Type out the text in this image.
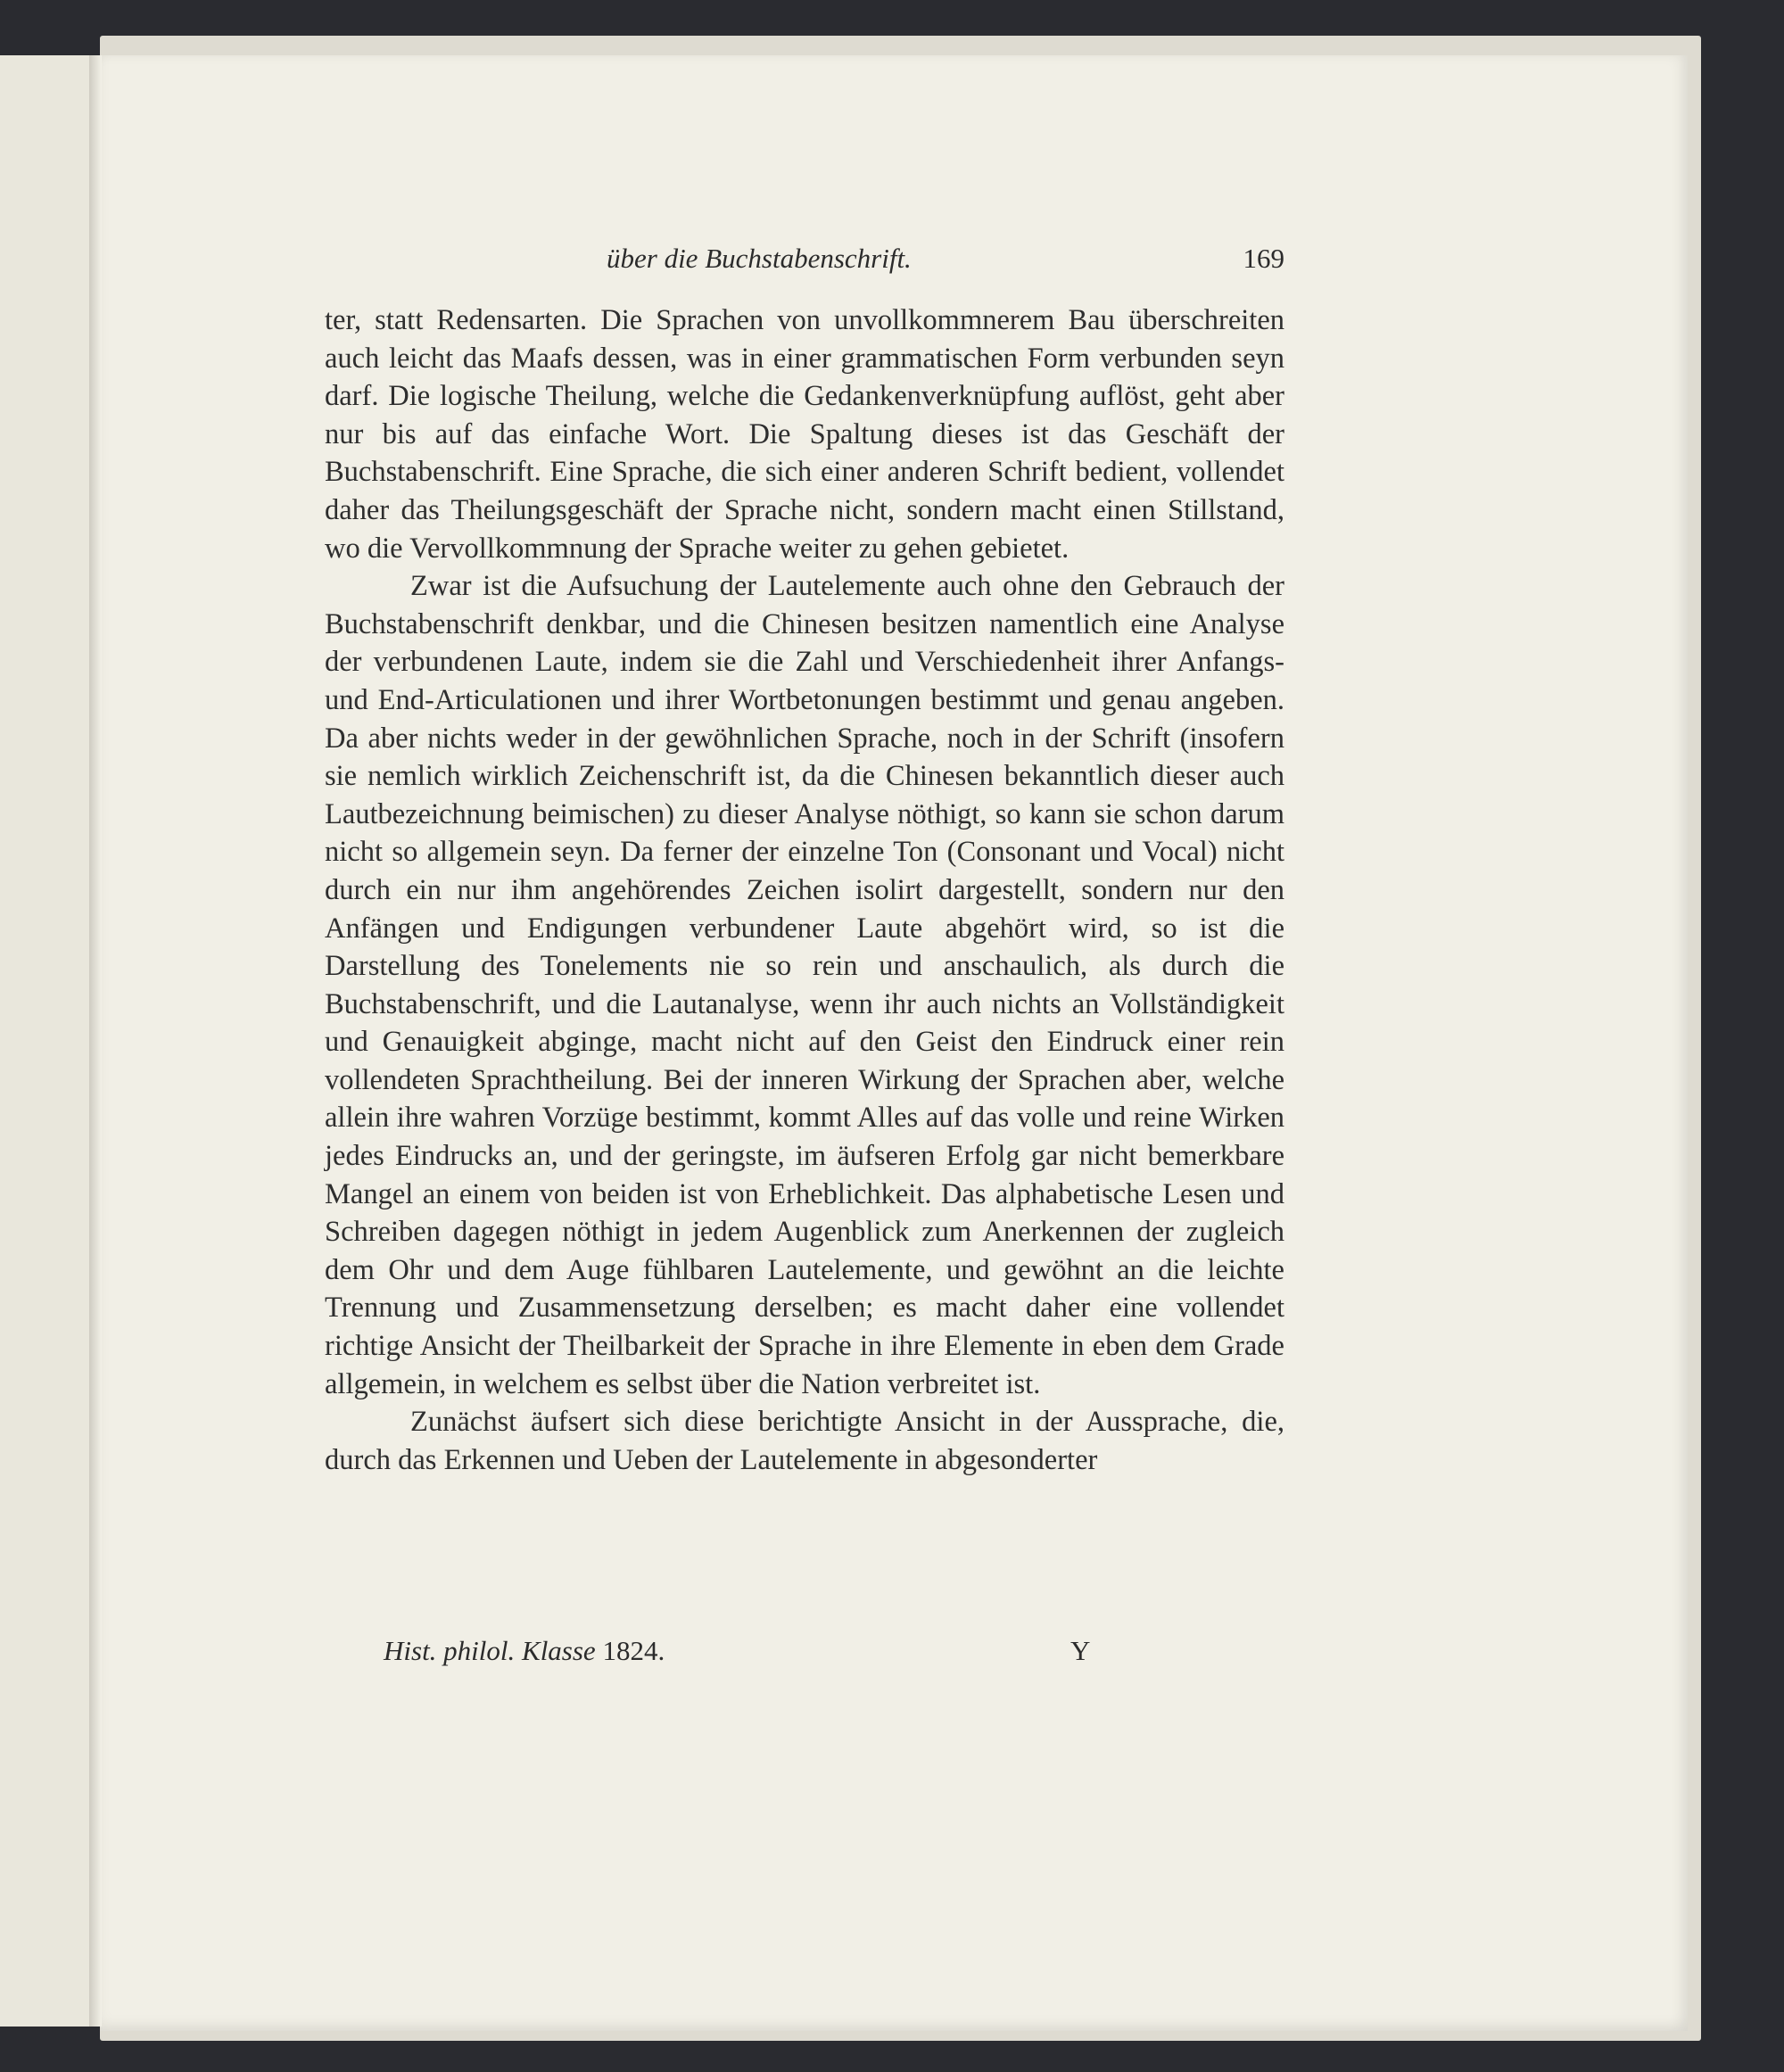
über die Buchstabenschrift.	169

ter, statt Redensarten. Die Sprachen von unvollkommnerem Bau überschreiten auch leicht das Maafs dessen, was in einer grammatischen Form verbunden seyn darf. Die logische Theilung, welche die Gedankenverknüpfung auflöst, geht aber nur bis auf das einfache Wort. Die Spaltung dieses ist das Geschäft der Buchstabenschrift. Eine Sprache, die sich einer anderen Schrift bedient, vollendet daher das Theilungsgeschäft der Sprache nicht, sondern macht einen Stillstand, wo die Vervollkommnung der Sprache weiter zu gehen gebietet.

Zwar ist die Aufsuchung der Lautelemente auch ohne den Gebrauch der Buchstabenschrift denkbar, und die Chinesen besitzen namentlich eine Analyse der verbundenen Laute, indem sie die Zahl und Verschiedenheit ihrer Anfangs- und End-Articulationen und ihrer Wortbetonungen bestimmt und genau angeben. Da aber nichts weder in der gewöhnlichen Sprache, noch in der Schrift (insofern sie nemlich wirklich Zeichenschrift ist, da die Chinesen bekanntlich dieser auch Lautbezeichnung beimischen) zu dieser Analyse nöthigt, so kann sie schon darum nicht so allgemein seyn. Da ferner der einzelne Ton (Consonant und Vocal) nicht durch ein nur ihm angehörendes Zeichen isolirt dargestellt, sondern nur den Anfängen und Endigungen verbundener Laute abgehört wird, so ist die Darstellung des Tonelements nie so rein und anschaulich, als durch die Buchstabenschrift, und die Lautanalyse, wenn ihr auch nichts an Vollständigkeit und Genauigkeit abginge, macht nicht auf den Geist den Eindruck einer rein vollendeten Sprachtheilung. Bei der inneren Wirkung der Sprachen aber, welche allein ihre wahren Vorzüge bestimmt, kommt Alles auf das volle und reine Wirken jedes Eindrucks an, und der geringste, im äufseren Erfolg gar nicht bemerkbare Mangel an einem von beiden ist von Erheblichkeit. Das alphabetische Lesen und Schreiben dagegen nöthigt in jedem Augenblick zum Anerkennen der zugleich dem Ohr und dem Auge fühlbaren Lautelemente, und gewöhnt an die leichte Trennung und Zusammensetzung derselben; es macht daher eine vollendet richtige Ansicht der Theilbarkeit der Sprache in ihre Elemente in eben dem Grade allgemein, in welchem es selbst über die Nation verbreitet ist.

Zunächst äufsert sich diese berichtigte Ansicht in der Aussprache, die, durch das Erkennen und Ueben der Lautelemente in abgesonderter

Hist. philol. Klasse 1824.	Y
